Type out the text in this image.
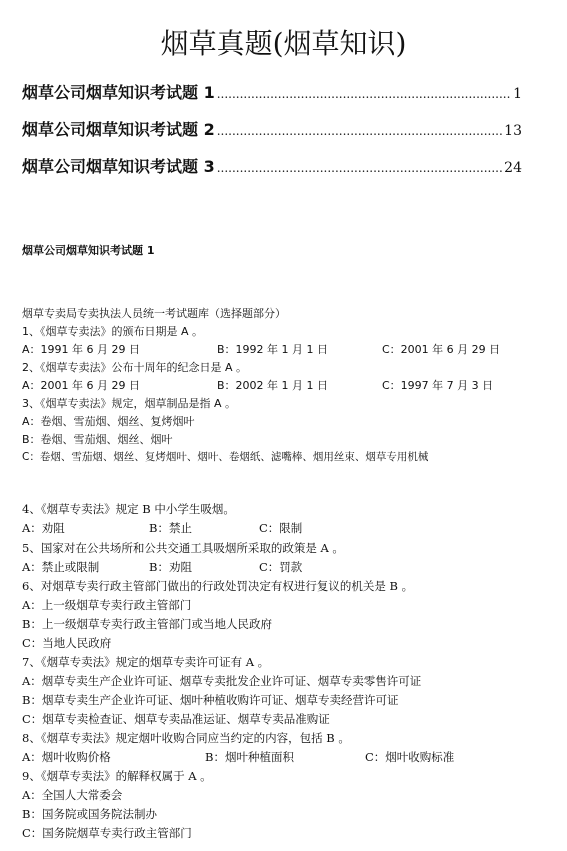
烟草真题(烟草知识)
烟草公司烟草知识考试题 1 .....	1
烟草公司烟草知识考试题 2 .....	13
烟草公司烟草知识考试题 3 .....	24
烟草公司烟草知识考试题 1
烟草专卖局专卖执法人员统一考试题库（选择题部分）
1、《烟草专卖法》的颁布日期是 A 。
A：1991 年 6 月 29 日	B：1992 年 1 月 1 日	C：2001 年 6 月 29 日
2、《烟草专卖法》公布十周年的纪念日是 A 。
A：2001 年 6 月 29 日	B：2002 年 1 月 1 日	C：1997 年 7 月 3 日
3、《烟草专卖法》规定，烟草制品是指 A 。
A：卷烟、雪茄烟、烟丝、复烤烟叶
B：卷烟、雪茄烟、烟丝、烟叶
C：卷烟、雪茄烟、烟丝、复烤烟叶、烟叶、卷烟纸、滤嘴棒、烟用丝束、烟草专用机械
4、《烟草专卖法》规定 B 中小学生吸烟。
A：劝阻	B：禁止	C：限制
5、国家对在公共场所和公共交通工具吸烟所采取的政策是 A 。
A：禁止或限制	B：劝阻	C：罚款
6、对烟草专卖行政主管部门做出的行政处罚决定有权进行复议的机关是 B 。
A：上一级烟草专卖行政主管部门
B：上一级烟草专卖行政主管部门或当地人民政府
C：当地人民政府
7、《烟草专卖法》规定的烟草专卖许可证有 A 。
A：烟草专卖生产企业许可证、烟草专卖批发企业许可证、烟草专卖零售许可证
B：烟草专卖生产企业许可证、烟叶种植收购许可证、烟草专卖经营许可证
C：烟草专卖检查证、烟草专卖品准运证、烟草专卖品准购证
8、《烟草专卖法》规定烟叶收购合同应当约定的内容，包括 B 。
A：烟叶收购价格	B：烟叶种植面积	C：烟叶收购标准
9、《烟草专卖法》的解释权属于 A 。
A：全国人大常委会
B：国务院或国务院法制办
C：国务院烟草专卖行政主管部门
